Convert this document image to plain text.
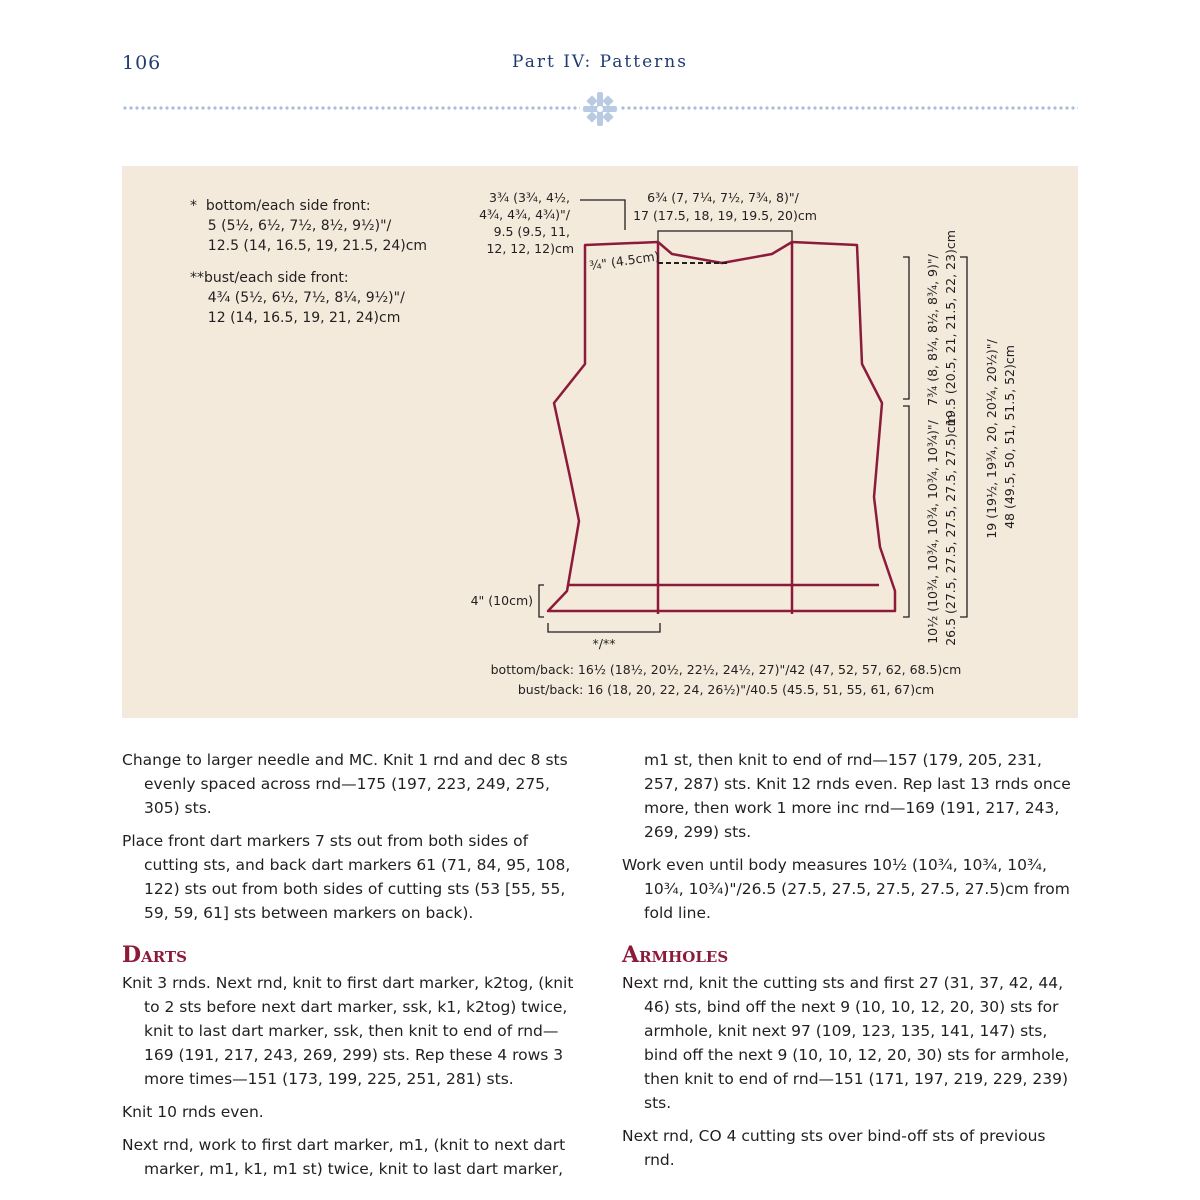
106	Part IV: Patterns
*  bottom/each side front:
5 (5½, 6½, 7½, 8½, 9½)"/
12.5 (14, 16.5, 19, 21.5, 24)cm
**bust/each side front:
4¾ (5½, 6½, 7½, 8¼, 9½)"/
12 (14, 16.5, 19, 21, 24)cm
3¾ (3¾, 4½, 4¾, 4¾, 4¾)"/ 9.5 (9.5, 11, 12, 12, 12)cm
6¾ (7, 7¼, 7½, 7¾, 8)"/ 17 (17.5, 18, 19, 19.5, 20)cm
¾" (4.5cm)
4" (10cm)
*/**
bottom/back: 16½ (18½, 20½, 22½, 24½, 27)"/42 (47, 52, 57, 62, 68.5)cm
bust/back: 16 (18, 20, 22, 24, 26½)"/40.5 (45.5, 51, 55, 61, 67)cm
7¾ (8, 8¼, 8½, 8¾, 9)"/ 19.5 (20.5, 21, 21.5, 22, 23)cm
10½ (10¾, 10¾, 10¾, 10¾, 10¾)"/ 26.5 (27.5, 27.5, 27.5, 27.5, 27.5)cm 19 (19½, 19¾, 20, 20¼, 20½)"/ 48 (49.5, 50, 51, 51.5, 52)cm

Change to larger needle and MC. Knit 1 rnd and dec 8 sts evenly spaced across rnd—175 (197, 223, 249, 275, 305) sts.

Place front dart markers 7 sts out from both sides of cutting sts, and back dart markers 61 (71, 84, 95, 108, 122) sts out from both sides of cutting sts (53 [55, 55, 59, 59, 61] sts between markers on back).

Darts

Knit 3 rnds. Next rnd, knit to first dart marker, k2tog, (knit to 2 sts before next dart marker, ssk, k1, k2tog) twice, knit to last dart marker, ssk, then knit to end of rnd—169 (191, 217, 243, 269, 299) sts. Rep these 4 rows 3 more times—151 (173, 199, 225, 251, 281) sts.

Knit 10 rnds even.

Next rnd, work to first dart marker, m1, (knit to next dart marker, m1, k1, m1 st) twice, knit to last dart marker,

m1 st, then knit to end of rnd—157 (179, 205, 231, 257, 287) sts. Knit 12 rnds even. Rep last 13 rnds once more, then work 1 more inc rnd—169 (191, 217, 243, 269, 299) sts.

Work even until body measures 10½ (10¾, 10¾, 10¾, 10¾, 10¾)"/26.5 (27.5, 27.5, 27.5, 27.5, 27.5)cm from fold line.

Armholes

Next rnd, knit the cutting sts and first 27 (31, 37, 42, 44, 46) sts, bind off the next 9 (10, 10, 12, 20, 30) sts for armhole, knit next 97 (109, 123, 135, 141, 147) sts, bind off the next 9 (10, 10, 12, 20, 30) sts for armhole, then knit to end of rnd—151 (171, 197, 219, 229, 239) sts.

Next rnd, CO 4 cutting sts over bind-off sts of previous rnd.
